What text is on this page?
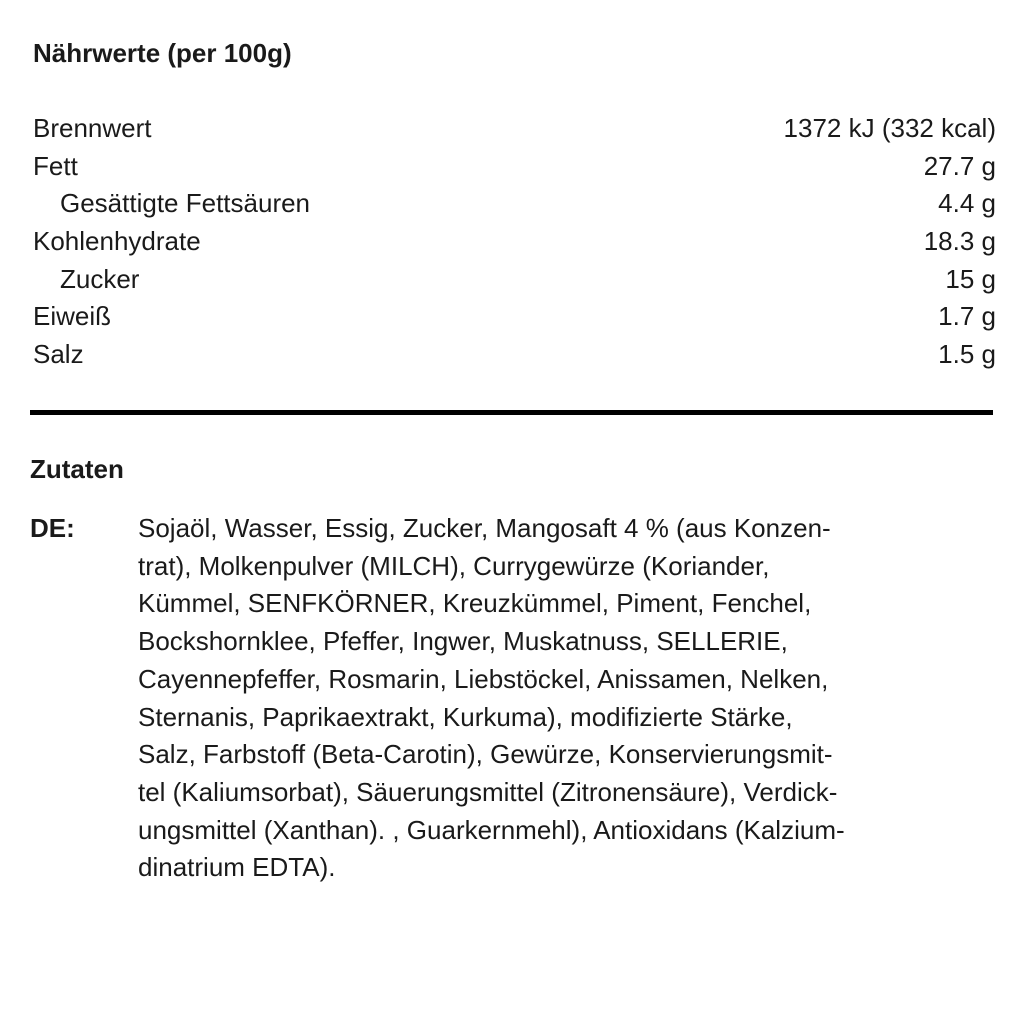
Nährwerte (per 100g)
Brennwert	1372 kJ (332 kcal)
Fett	27.7 g
Gesättigte Fettsäuren	4.4 g
Kohlenhydrate	18.3 g
Zucker	15 g
Eiweiß	1.7 g
Salz	1.5 g
Zutaten
DE: Sojaöl, Wasser, Essig, Zucker, Mangosaft 4 % (aus Konzen-
trat), Molkenpulver (MILCH), Currygewürze (Koriander,
Kümmel, SENFKÖRNER, Kreuzkümmel, Piment, Fenchel,
Bockshornklee, Pfeffer, Ingwer, Muskatnuss, SELLERIE,
Cayennepfeffer, Rosmarin, Liebstöckel, Anissamen, Nelken,
Sternanis, Paprikaextrakt, Kurkuma), modifizierte Stärke,
Salz, Farbstoff (Beta-Carotin), Gewürze, Konservierungsmit-
tel (Kaliumsorbat), Säuerungsmittel (Zitronensäure), Verdick-
ungsmittel (Xanthan). , Guarkernmehl), Antioxidans (Kalzium-
dinatrium EDTA).
